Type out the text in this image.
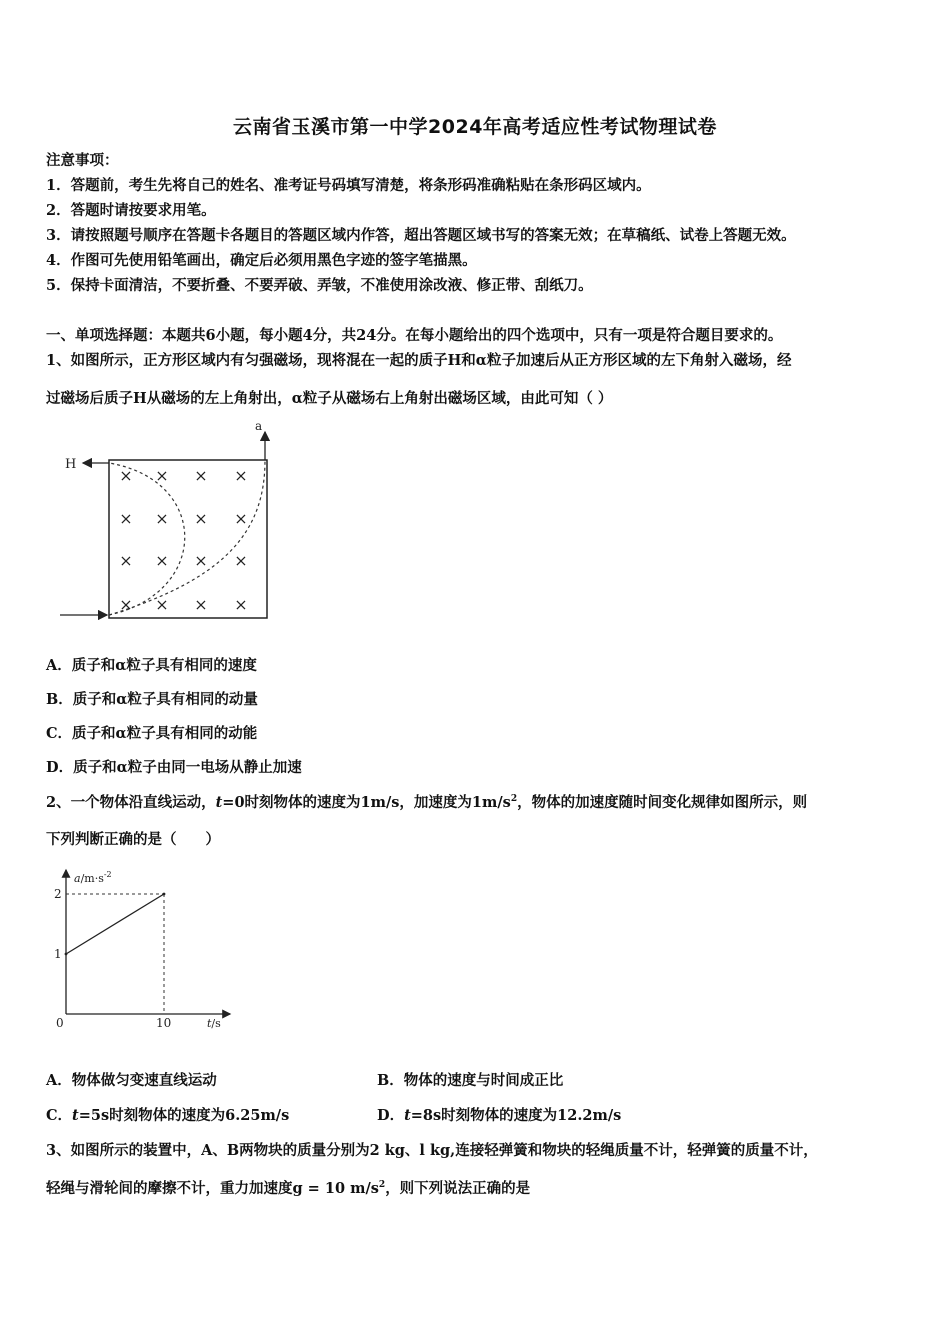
云南省玉溪市第一中学2024年高考适应性考试物理试卷
注意事项：
1．答题前，考生先将自己的姓名、准考证号码填写清楚，将条形码准确粘贴在条形码区域内。
2．答题时请按要求用笔。
3．请按照题号顺序在答题卡各题目的答题区域内作答，超出答题区域书写的答案无效；在草稿纸、试卷上答题无效。
4．作图可先使用铅笔画出，确定后必须用黑色字迹的签字笔描黑。
5．保持卡面清洁，不要折叠、不要弄破、弄皱，不准使用涂改液、修正带、刮纸刀。
一、单项选择题：本题共6小题，每小题4分，共24分。在每小题给出的四个选项中，只有一项是符合题目要求的。
1、如图所示，正方形区域内有匀强磁场，现将混在一起的质子H和α粒子加速后从正方形区域的左下角射入磁场，经
过磁场后质子H从磁场的左上角射出，α粒子从磁场右上角射出磁场区域，由此可知（ ）
H
a
× × × ×
× × × ×
× × × ×
× × × ×
A．质子和α粒子具有相同的速度
B．质子和α粒子具有相同的动量
C．质子和α粒子具有相同的动能
D．质子和α粒子由同一电场从静止加速
2、一个物体沿直线运动，t=0时刻物体的速度为1m/s，加速度为$1m/s^2$，物体的加速度随时间变化规律如图所示，则
下列判断正确的是（　　）
$a/m\cdot s^{-2}$
t/s
2
1
0	10
A．物体做匀变速直线运动	B．物体的速度与时间成正比
C．t=5s时刻物体的速度为6.25m/s	D．t=8s时刻物体的速度为12.2m/s
3、如图所示的装置中，A、B两物块的质量分别为2 kg、l kg,连接轻弹簧和物块的轻绳质量不计，轻弹簧的质量不计，
轻绳与滑轮间的摩擦不计，重力加速度g = 10 $m/s^2$，则下列说法正确的是
